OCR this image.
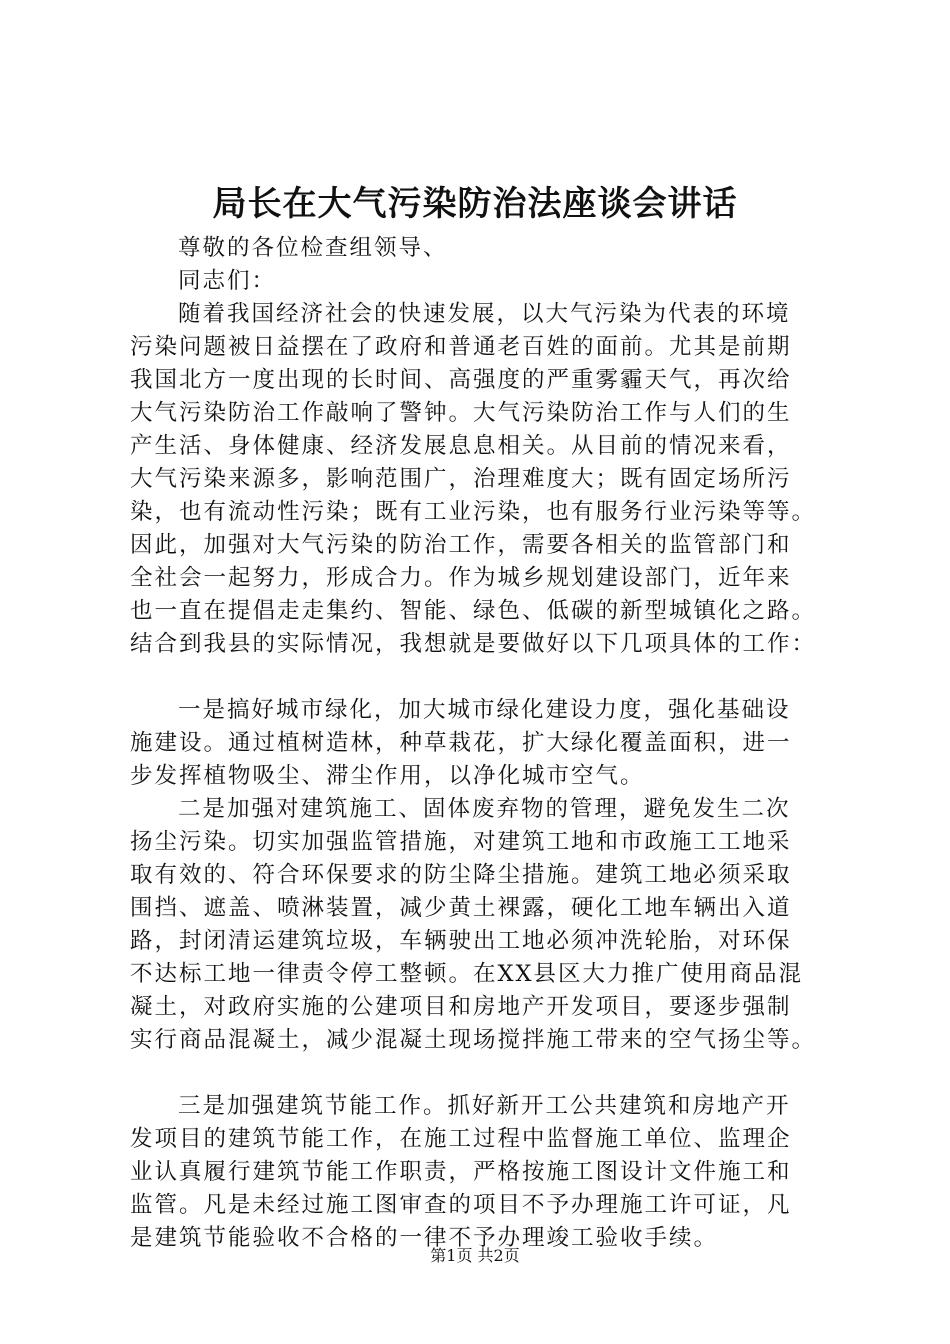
局长在大气污染防治法座谈会讲话
尊敬的各位检查组领导、
同志们：
随着我国经济社会的快速发展，以大气污染为代表的环境
污染问题被日益摆在了政府和普通老百姓的面前。尤其是前期
我国北方一度出现的长时间、高强度的严重雾霾天气，再次给
大气污染防治工作敲响了警钟。大气污染防治工作与人们的生
产生活、身体健康、经济发展息息相关。从目前的情况来看，
大气污染来源多，影响范围广，治理难度大；既有固定场所污
染，也有流动性污染；既有工业污染，也有服务行业污染等等。
因此，加强对大气污染的防治工作，需要各相关的监管部门和
全社会一起努力，形成合力。作为城乡规划建设部门，近年来
也一直在提倡走走集约、智能、绿色、低碳的新型城镇化之路。
结合到我县的实际情况，我想就是要做好以下几项具体的工作：
一是搞好城市绿化，加大城市绿化建设力度，强化基础设
施建设。通过植树造林，种草栽花，扩大绿化覆盖面积，进一
步发挥植物吸尘、滞尘作用，以净化城市空气。
二是加强对建筑施工、固体废弃物的管理，避免发生二次
扬尘污染。切实加强监管措施，对建筑工地和市政施工工地采
取有效的、符合环保要求的防尘降尘措施。建筑工地必须采取
围挡、遮盖、喷淋装置，减少黄土裸露，硬化工地车辆出入道
路，封闭清运建筑垃圾，车辆驶出工地必须冲洗轮胎，对环保
不达标工地一律责令停工整顿。在XX县区大力推广使用商品混
凝土，对政府实施的公建项目和房地产开发项目，要逐步强制
实行商品混凝土，减少混凝土现场搅拌施工带来的空气扬尘等。
三是加强建筑节能工作。抓好新开工公共建筑和房地产开
发项目的建筑节能工作，在施工过程中监督施工单位、监理企
业认真履行建筑节能工作职责，严格按施工图设计文件施工和
监管。凡是未经过施工图审查的项目不予办理施工许可证，凡
是建筑节能验收不合格的一律不予办理竣工验收手续。
第1页 共2页
